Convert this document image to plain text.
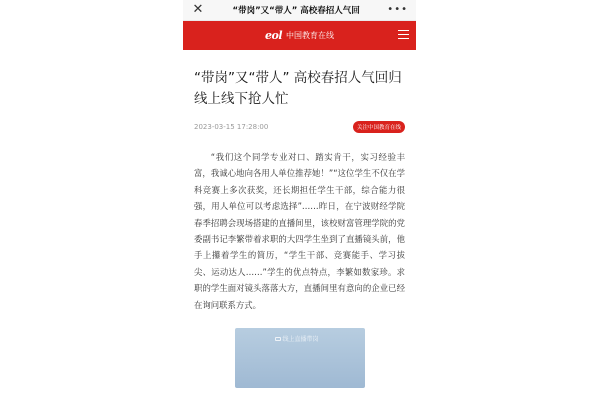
✕	“带岗”又“带人” 高校春招人气回	•••
eol 中国教育在线
“带岗”又“带人” 高校春招人气回归线上线下抢人忙
2023-03-15 17:28:00	关注中国教育在线

“我们这个同学专业对口、踏实肯干，实习经验丰富，我诚心地向各用人单位推荐她！”“这位学生不仅在学科竞赛上多次获奖，还长期担任学生干部，综合能力很强，用人单位可以考虑选择”……昨日，在宁波财经学院春季招聘会现场搭建的直播间里，该校财富管理学院的党委副书记李繁带着求职的大四学生坐到了直播镜头前，他手上攥着学生的简历，“学生干部、竞赛能手、学习拔尖、运动达人……”学生的优点特点，李繁如数家珍。求职的学生面对镜头落落大方，直播间里有意向的企业已经在询问联系方式。

线上直播带岗
